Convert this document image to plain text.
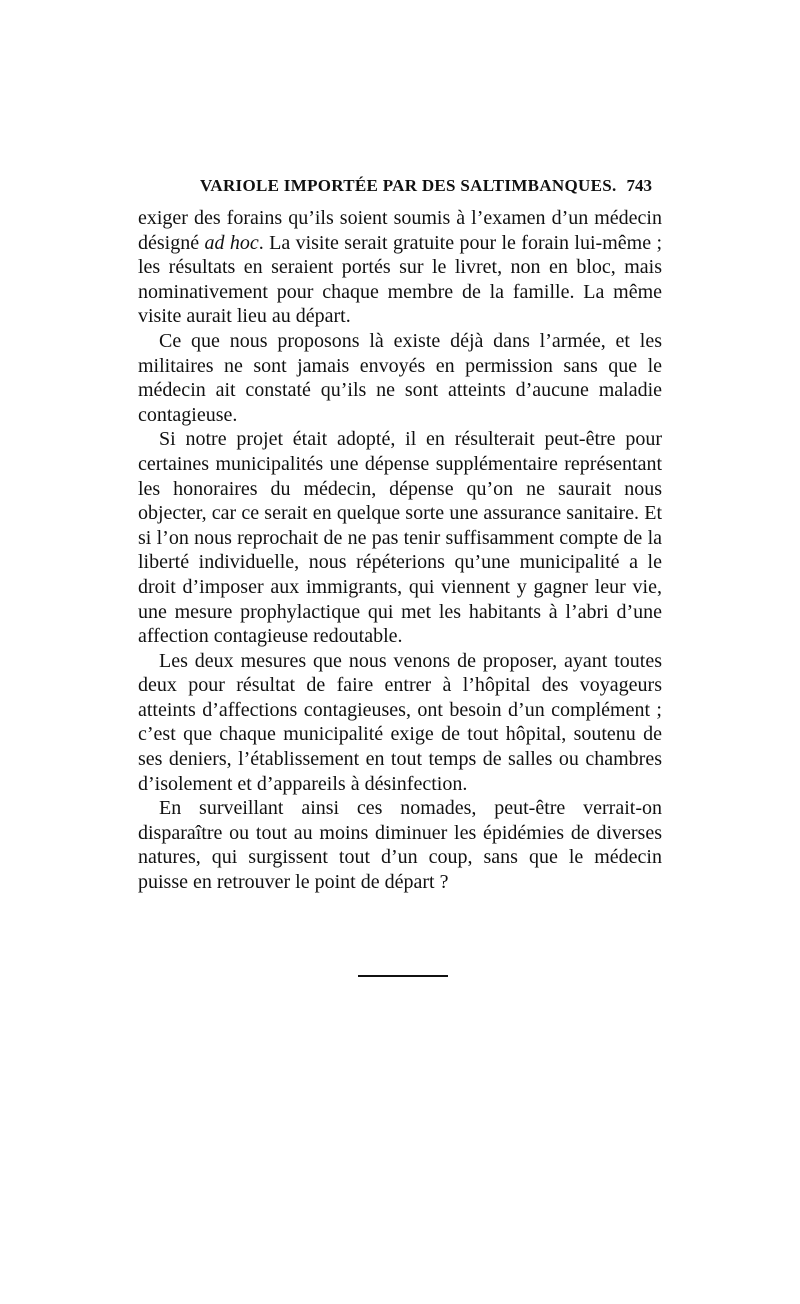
VARIOLE IMPORTÉE PAR DES SALTIMBANQUES. 743

exiger des forains qu’ils soient soumis à l’examen d’un médecin désigné ad hoc. La visite serait gratuite pour le forain lui-même ; les résultats en seraient portés sur le livret, non en bloc, mais nominativement pour chaque membre de la famille. La même visite aurait lieu au départ.

Ce que nous proposons là existe déjà dans l’armée, et les militaires ne sont jamais envoyés en permission sans que le médecin ait constaté qu’ils ne sont atteints d’aucune maladie contagieuse.

Si notre projet était adopté, il en résulterait peut-être pour certaines municipalités une dépense supplémentaire représentant les honoraires du médecin, dépense qu’on ne saurait nous objecter, car ce serait en quelque sorte une assurance sanitaire. Et si l’on nous reprochait de ne pas tenir suffisamment compte de la liberté individuelle, nous répéterions qu’une municipalité a le droit d’imposer aux immigrants, qui viennent y gagner leur vie, une mesure prophylactique qui met les habitants à l’abri d’une affection contagieuse redoutable.

Les deux mesures que nous venons de proposer, ayant toutes deux pour résultat de faire entrer à l’hôpital des voyageurs atteints d’affections contagieuses, ont besoin d’un complément ; c’est que chaque municipalité exige de tout hôpital, soutenu de ses deniers, l’établissement en tout temps de salles ou chambres d’isolement et d’appareils à désinfection.

En surveillant ainsi ces nomades, peut-être verrait-on disparaître ou tout au moins diminuer les épidémies de diverses natures, qui surgissent tout d’un coup, sans que le médecin puisse en retrouver le point de départ ?
